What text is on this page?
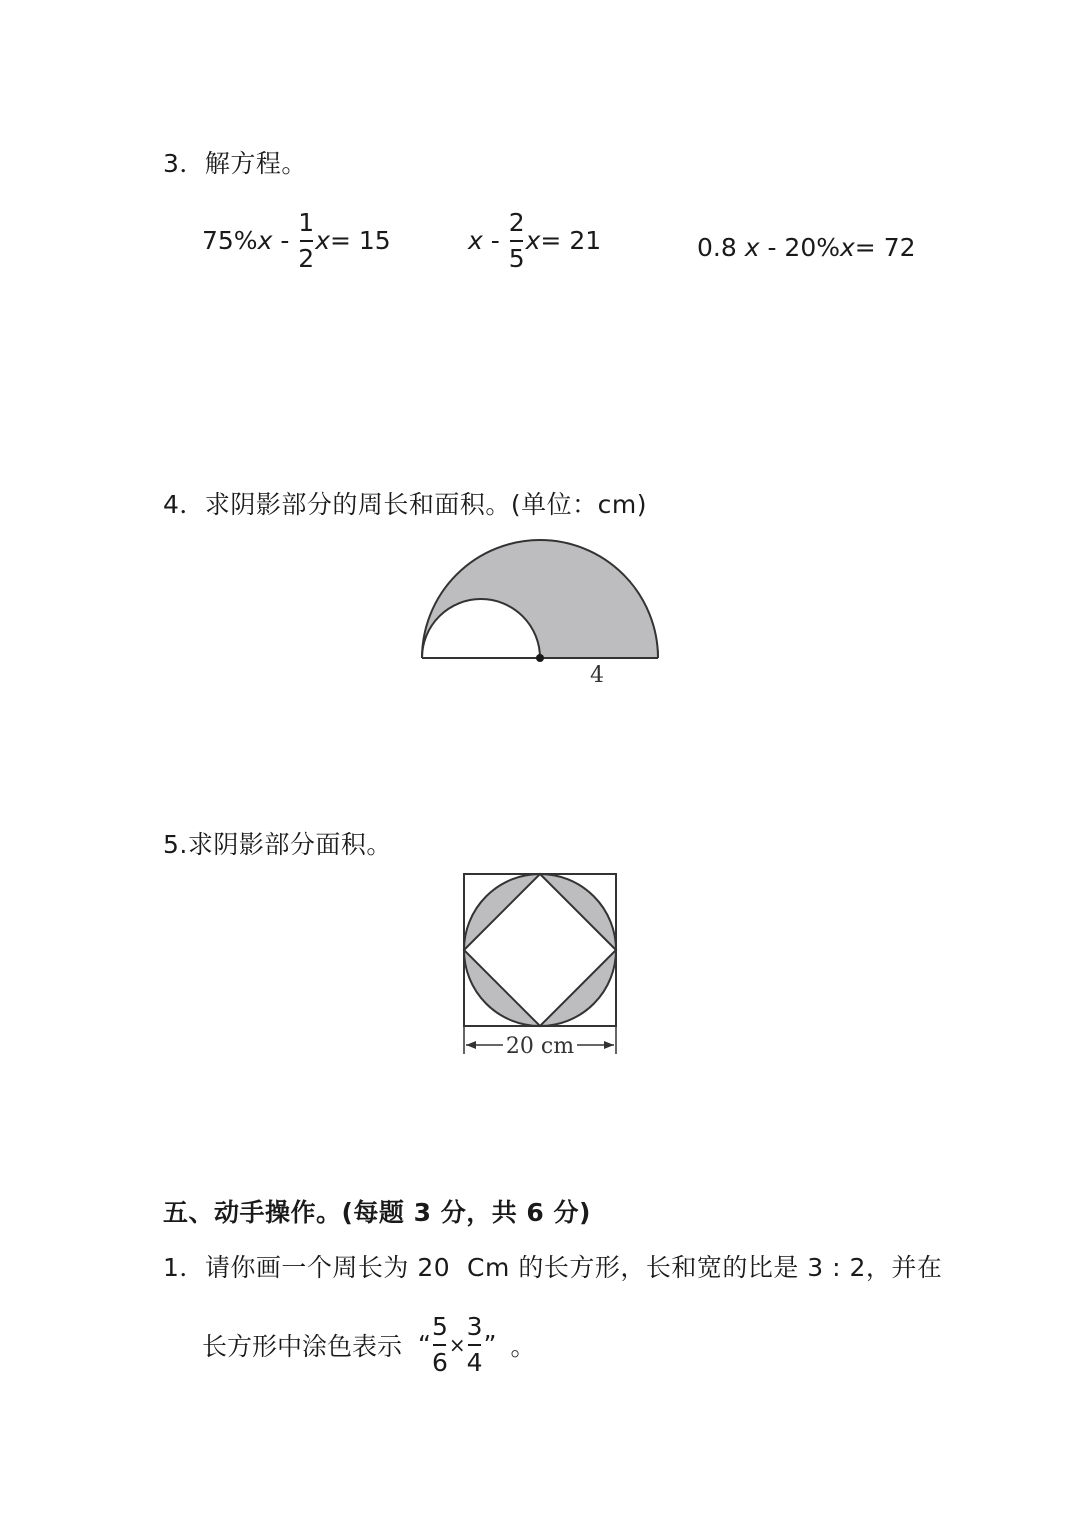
3．解方程。
75% x - $\frac{1}{2}$ x = 15	x - $\frac{2}{5}$ x = 21	0.8 x - 20% x = 72
4．求阴影部分的周长和面积。(单位：cm)
4
5.求阴影部分面积。
20 cm
五、动手操作。(每题 3 分，共 6 分)
1．请你画一个周长为 20  Cm 的长方形，长和宽的比是 3 : 2，并在
长方形中涂色表示 “ $\frac{5}{6} \times \frac{3}{4}$ ” 。
